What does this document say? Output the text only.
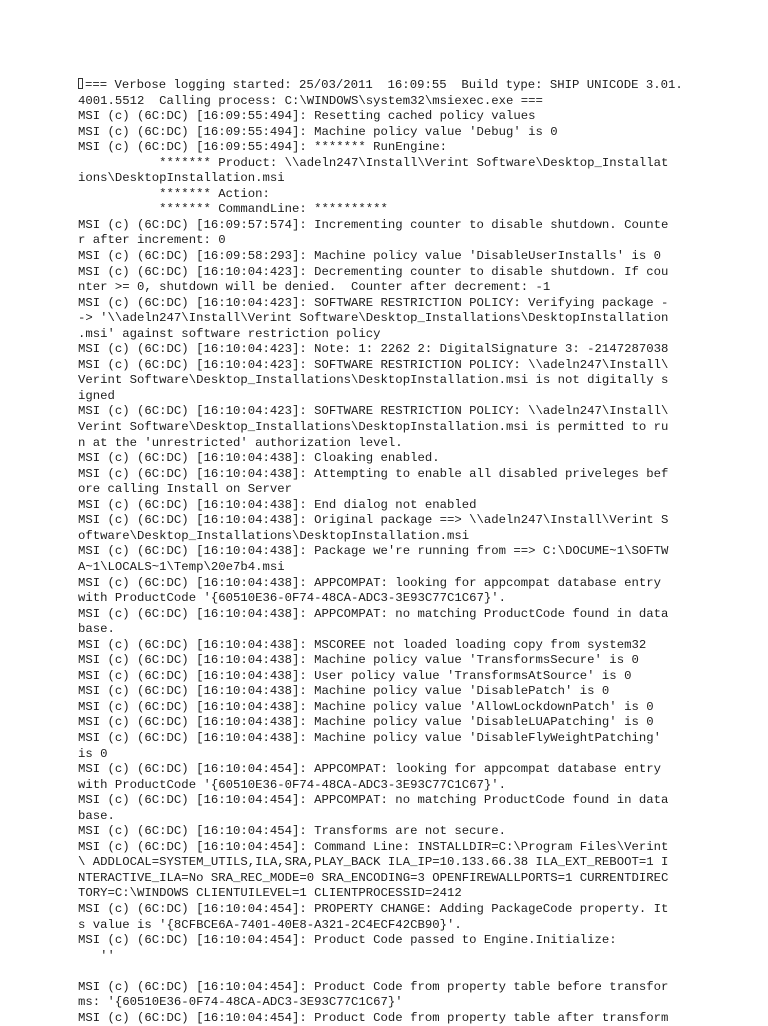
=== Verbose logging started: 25/03/2011  16:09:55  Build type: SHIP UNICODE 3.01.
4001.5512  Calling process: C:\WINDOWS\system32\msiexec.exe ===
MSI (c) (6C:DC) [16:09:55:494]: Resetting cached policy values
MSI (c) (6C:DC) [16:09:55:494]: Machine policy value 'Debug' is 0
MSI (c) (6C:DC) [16:09:55:494]: ******* RunEngine:
******* Product: \\adeln247\Install\Verint Software\Desktop_Installat
ions\DesktopInstallation.msi
******* Action:
******* CommandLine: **********
MSI (c) (6C:DC) [16:09:57:574]: Incrementing counter to disable shutdown. Counte
r after increment: 0
MSI (c) (6C:DC) [16:09:58:293]: Machine policy value 'DisableUserInstalls' is 0
MSI (c) (6C:DC) [16:10:04:423]: Decrementing counter to disable shutdown. If cou
nter >= 0, shutdown will be denied.  Counter after decrement: -1
MSI (c) (6C:DC) [16:10:04:423]: SOFTWARE RESTRICTION POLICY: Verifying package -
-> '\\adeln247\Install\Verint Software\Desktop_Installations\DesktopInstallation
.msi' against software restriction policy
MSI (c) (6C:DC) [16:10:04:423]: Note: 1: 2262 2: DigitalSignature 3: -2147287038
MSI (c) (6C:DC) [16:10:04:423]: SOFTWARE RESTRICTION POLICY: \\adeln247\Install\
Verint Software\Desktop_Installations\DesktopInstallation.msi is not digitally s
igned
MSI (c) (6C:DC) [16:10:04:423]: SOFTWARE RESTRICTION POLICY: \\adeln247\Install\
Verint Software\Desktop_Installations\DesktopInstallation.msi is permitted to ru
n at the 'unrestricted' authorization level.
MSI (c) (6C:DC) [16:10:04:438]: Cloaking enabled.
MSI (c) (6C:DC) [16:10:04:438]: Attempting to enable all disabled priveleges bef
ore calling Install on Server
MSI (c) (6C:DC) [16:10:04:438]: End dialog not enabled
MSI (c) (6C:DC) [16:10:04:438]: Original package ==> \\adeln247\Install\Verint S
oftware\Desktop_Installations\DesktopInstallation.msi
MSI (c) (6C:DC) [16:10:04:438]: Package we're running from ==> C:\DOCUME~1\SOFTW
A~1\LOCALS~1\Temp\20e7b4.msi
MSI (c) (6C:DC) [16:10:04:438]: APPCOMPAT: looking for appcompat database entry
with ProductCode '{60510E36-0F74-48CA-ADC3-3E93C77C1C67}'.
MSI (c) (6C:DC) [16:10:04:438]: APPCOMPAT: no matching ProductCode found in data
base.
MSI (c) (6C:DC) [16:10:04:438]: MSCOREE not loaded loading copy from system32
MSI (c) (6C:DC) [16:10:04:438]: Machine policy value 'TransformsSecure' is 0
MSI (c) (6C:DC) [16:10:04:438]: User policy value 'TransformsAtSource' is 0
MSI (c) (6C:DC) [16:10:04:438]: Machine policy value 'DisablePatch' is 0
MSI (c) (6C:DC) [16:10:04:438]: Machine policy value 'AllowLockdownPatch' is 0
MSI (c) (6C:DC) [16:10:04:438]: Machine policy value 'DisableLUAPatching' is 0
MSI (c) (6C:DC) [16:10:04:438]: Machine policy value 'DisableFlyWeightPatching'
is 0
MSI (c) (6C:DC) [16:10:04:454]: APPCOMPAT: looking for appcompat database entry
with ProductCode '{60510E36-0F74-48CA-ADC3-3E93C77C1C67}'.
MSI (c) (6C:DC) [16:10:04:454]: APPCOMPAT: no matching ProductCode found in data
base.
MSI (c) (6C:DC) [16:10:04:454]: Transforms are not secure.
MSI (c) (6C:DC) [16:10:04:454]: Command Line: INSTALLDIR=C:\Program Files\Verint
\ ADDLOCAL=SYSTEM_UTILS,ILA,SRA,PLAY_BACK ILA_IP=10.133.66.38 ILA_EXT_REBOOT=1 I
NTERACTIVE_ILA=No SRA_REC_MODE=0 SRA_ENCODING=3 OPENFIREWALLPORTS=1 CURRENTDIREC
TORY=C:\WINDOWS CLIENTUILEVEL=1 CLIENTPROCESSID=2412
MSI (c) (6C:DC) [16:10:04:454]: PROPERTY CHANGE: Adding PackageCode property. It
s value is '{8CFBCE6A-7401-40E8-A321-2C4ECF42CB90}'.
MSI (c) (6C:DC) [16:10:04:454]: Product Code passed to Engine.Initialize:
''
MSI (c) (6C:DC) [16:10:04:454]: Product Code from property table before transfor
ms: '{60510E36-0F74-48CA-ADC3-3E93C77C1C67}'
MSI (c) (6C:DC) [16:10:04:454]: Product Code from property table after transform
